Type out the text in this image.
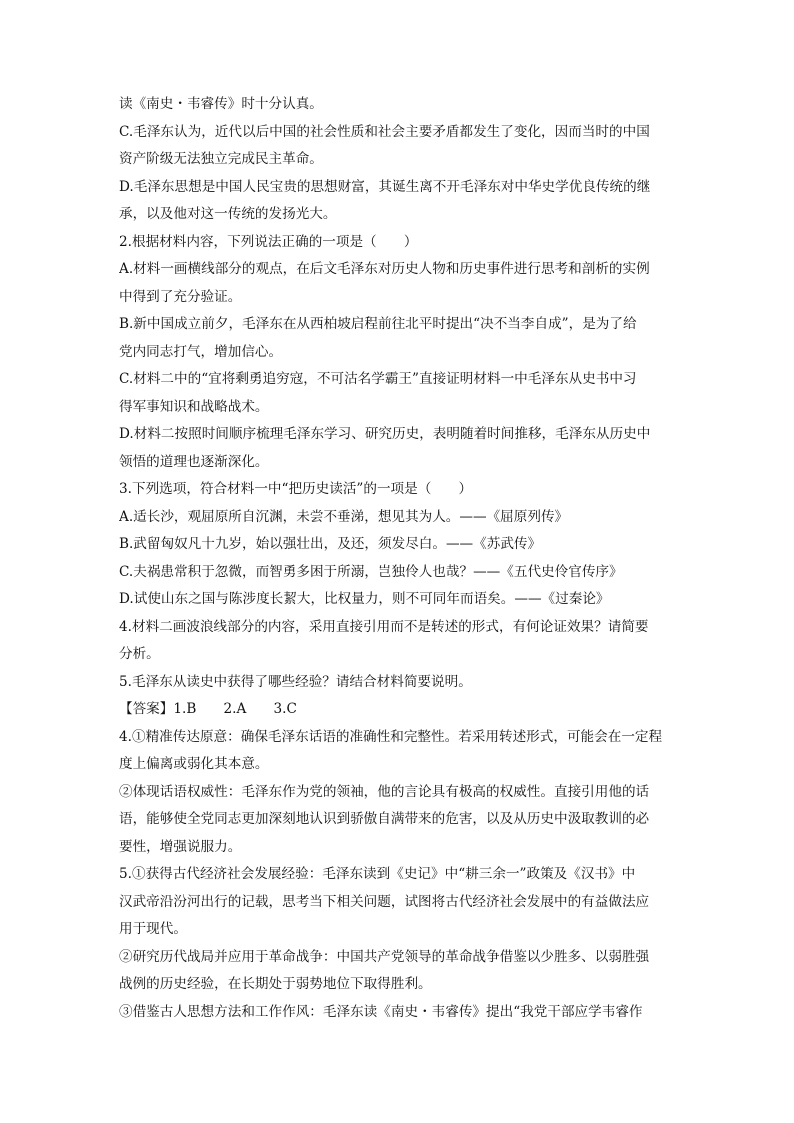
读《南史・韦睿传》时十分认真。
C.毛泽东认为，近代以后中国的社会性质和社会主要矛盾都发生了变化，因而当时的中国
资产阶级无法独立完成民主革命。
D.毛泽东思想是中国人民宝贵的思想财富，其诞生离不开毛泽东对中华史学优良传统的继
承，以及他对这一传统的发扬光大。
2.根据材料内容，下列说法正确的一项是（　　）
A.材料一画横线部分的观点，在后文毛泽东对历史人物和历史事件进行思考和剖析的实例
中得到了充分验证。
B.新中国成立前夕，毛泽东在从西柏坡启程前往北平时提出“决不当李自成”，是为了给
党内同志打气，增加信心。
C.材料二中的“宜将剩勇追穷寇，不可沽名学霸王”直接证明材料一中毛泽东从史书中习
得军事知识和战略战术。
D.材料二按照时间顺序梳理毛泽东学习、研究历史，表明随着时间推移，毛泽东从历史中
领悟的道理也逐渐深化。
3.下列选项，符合材料一中“把历史读活”的一项是（　　）
A.适长沙，观屈原所自沉渊，未尝不垂涕，想见其为人。——《屈原列传》
B.武留匈奴凡十九岁，始以强壮出，及还，须发尽白。——《苏武传》
C.夫祸患常积于忽微，而智勇多困于所溺，岂独伶人也哉？——《五代史伶官传序》
D.试使山东之国与陈涉度长絜大，比权量力，则不可同年而语矣。——《过秦论》
4.材料二画波浪线部分的内容，采用直接引用而不是转述的形式，有何论证效果？请简要
分析。
5.毛泽东从读史中获得了哪些经验？请结合材料简要说明。
【答案】1.B　　2.A　　3.C
4.①精准传达原意：确保毛泽东话语的准确性和完整性。若采用转述形式，可能会在一定程
度上偏离或弱化其本意。
②体现话语权威性：毛泽东作为党的领袖，他的言论具有极高的权威性。直接引用他的话
语，能够使全党同志更加深刻地认识到骄傲自满带来的危害，以及从历史中汲取教训的必
要性，增强说服力。
5.①获得古代经济社会发展经验：毛泽东读到《史记》中“耕三余一”政策及《汉书》中
汉武帝沿汾河出行的记载，思考当下相关问题，试图将古代经济社会发展中的有益做法应
用于现代。
②研究历代战局并应用于革命战争：中国共产党领导的革命战争借鉴以少胜多、以弱胜强
战例的历史经验，在长期处于弱势地位下取得胜利。
③借鉴古人思想方法和工作作风：毛泽东读《南史・韦睿传》提出“我党干部应学韦睿作
